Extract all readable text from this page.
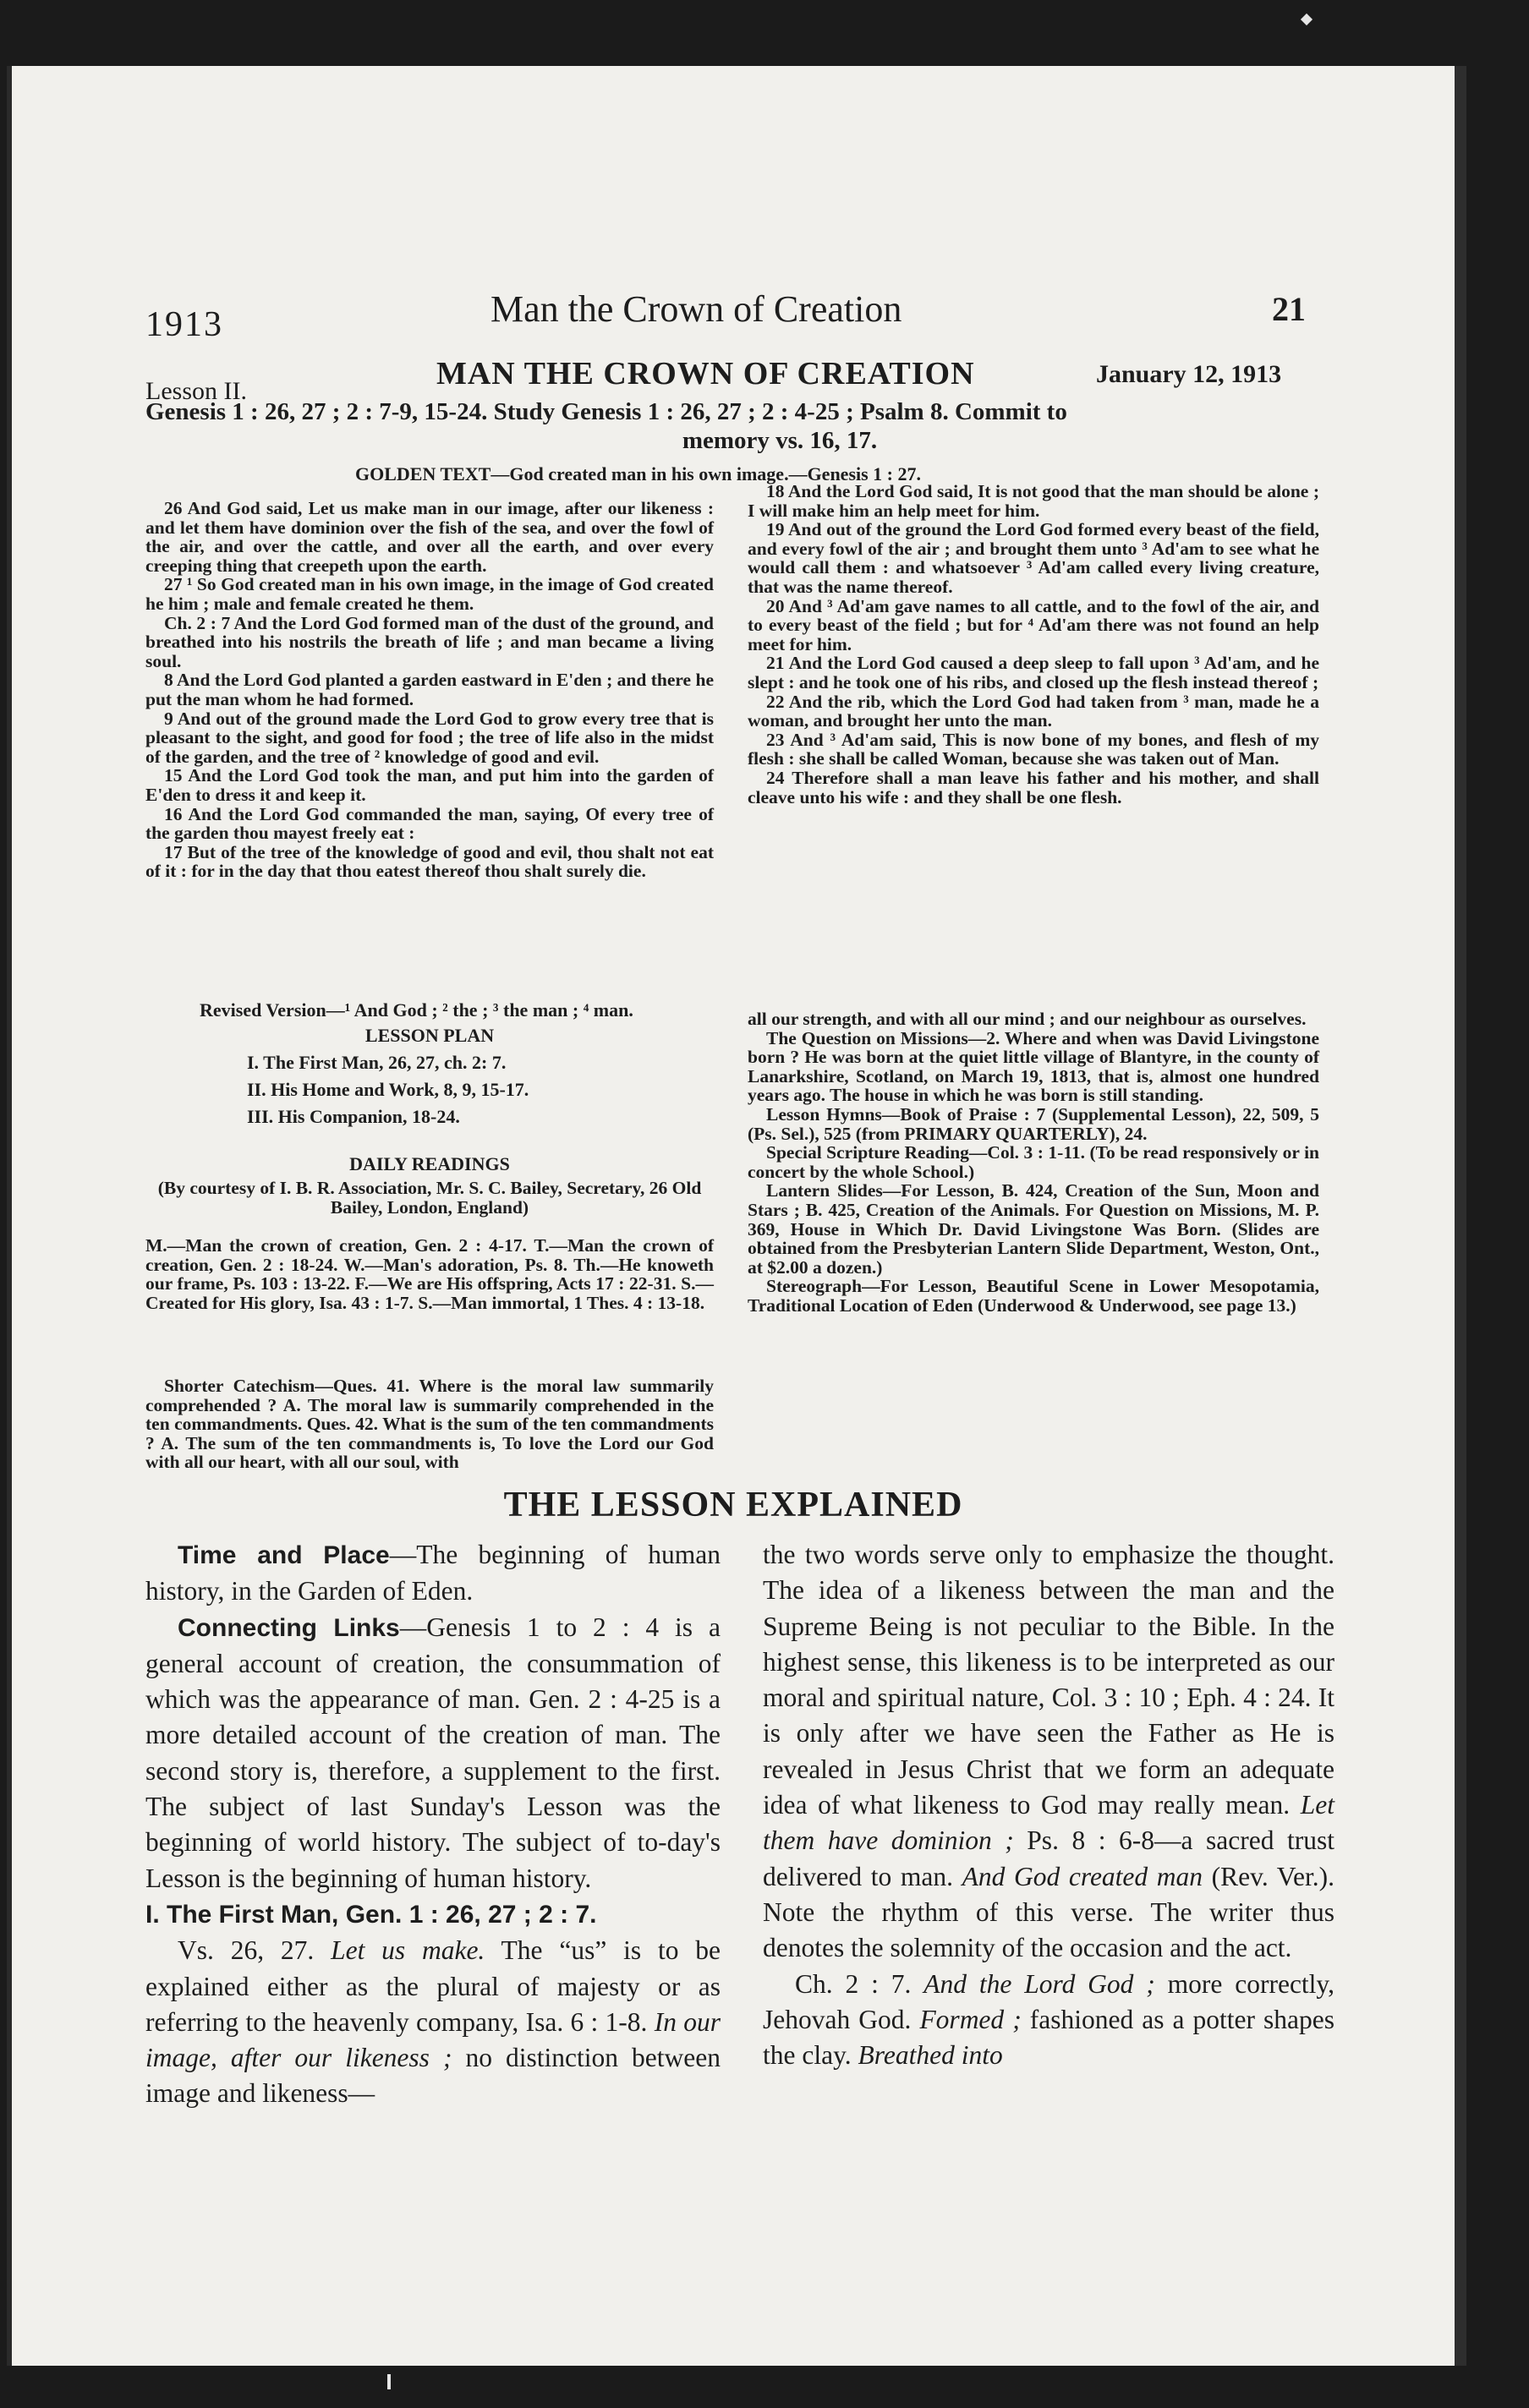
1913	Man the Crown of Creation	21
Lesson II.	MAN THE CROWN OF CREATION	January 12, 1913
Genesis 1 : 26, 27 ; 2 : 7-9, 15-24. Study Genesis 1 : 26, 27 ; 2 : 4-25 ; Psalm 8. Commit to
memory vs. 16, 17.
GOLDEN TEXT—God created man in his own image.—Genesis 1 : 27.

26 And God said, Let us make man in our image, after our likeness : and let them have dominion over the fish of the sea, and over the fowl of the air, and over the cattle, and over all the earth, and over every creeping thing that creepeth upon the earth.

27 ¹ So God created man in his own image, in the image of God created he him ; male and female created he them.

Ch. 2 : 7 And the Lord God formed man of the dust of the ground, and breathed into his nostrils the breath of life ; and man became a living soul.

8 And the Lord God planted a garden eastward in E'den ; and there he put the man whom he had formed.

9 And out of the ground made the Lord God to grow every tree that is pleasant to the sight, and good for food ; the tree of life also in the midst of the garden, and the tree of ² knowledge of good and evil.

15 And the Lord God took the man, and put him into the garden of E'den to dress it and keep it.

16 And the Lord God commanded the man, saying, Of every tree of the garden thou mayest freely eat :

17 But of the tree of the knowledge of good and evil, thou shalt not eat of it : for in the day that thou eatest thereof thou shalt surely die.

18 And the Lord God said, It is not good that the man should be alone ; I will make him an help meet for him.

19 And out of the ground the Lord God formed every beast of the field, and every fowl of the air ; and brought them unto ³ Ad'am to see what he would call them : and whatsoever ³ Ad'am called every living creature, that was the name thereof.

20 And ³ Ad'am gave names to all cattle, and to the fowl of the air, and to every beast of the field ; but for ⁴ Ad'am there was not found an help meet for him.

21 And the Lord God caused a deep sleep to fall upon ³ Ad'am, and he slept : and he took one of his ribs, and closed up the flesh instead thereof ;

22 And the rib, which the Lord God had taken from ³ man, made he a woman, and brought her unto the man.

23 And ³ Ad'am said, This is now bone of my bones, and flesh of my flesh : she shall be called Woman, because she was taken out of Man.

24 Therefore shall a man leave his father and his mother, and shall cleave unto his wife : and they shall be one flesh.

Revised Version—¹ And God ; ² the ; ³ the man ; ⁴ man.
LESSON PLAN
I. The First Man, 26, 27, ch. 2: 7.
II. His Home and Work, 8, 9, 15-17.
III. His Companion, 18-24.
DAILY READINGS
(By courtesy of I. B. R. Association, Mr. S. C. Bailey, Secretary, 26 Old Bailey, London, England)

M.—Man the crown of creation, Gen. 2 : 4-17. T.—Man the crown of creation, Gen. 2 : 18-24. W.—Man's adoration, Ps. 8. Th.—He knoweth our frame, Ps. 103 : 13-22. F.—We are His offspring, Acts 17 : 22-31. S.—Created for His glory, Isa. 43 : 1-7. S.—Man immortal, 1 Thes. 4 : 13-18.

Shorter Catechism—Ques. 41. Where is the moral law summarily comprehended ? A. The moral law is summarily comprehended in the ten commandments. Ques. 42. What is the sum of the ten commandments ? A. The sum of the ten commandments is, To love the Lord our God with all our heart, with all our soul, with

all our strength, and with all our mind ; and our neighbour as ourselves.

The Question on Missions—2. Where and when was David Livingstone born ? He was born at the quiet little village of Blantyre, in the county of Lanarkshire, Scotland, on March 19, 1813, that is, almost one hundred years ago. The house in which he was born is still standing.

Lesson Hymns—Book of Praise : 7 (Supplemental Lesson), 22, 509, 5 (Ps. Sel.), 525 (from PRIMARY QUARTERLY), 24.

Special Scripture Reading—Col. 3 : 1-11. (To be read responsively or in concert by the whole School.)

Lantern Slides—For Lesson, B. 424, Creation of the Sun, Moon and Stars ; B. 425, Creation of the Animals. For Question on Missions, M. P. 369, House in Which Dr. David Livingstone Was Born. (Slides are obtained from the Presbyterian Lantern Slide Department, Weston, Ont., at $2.00 a dozen.)

Stereograph—For Lesson, Beautiful Scene in Lower Mesopotamia, Traditional Location of Eden (Underwood & Underwood, see page 13.)

THE LESSON EXPLAINED

Time and Place—The beginning of human history, in the Garden of Eden.

Connecting Links—Genesis 1 to 2 : 4 is a general account of creation, the consummation of which was the appearance of man. Gen. 2 : 4-25 is a more detailed account of the creation of man. The second story is, therefore, a supplement to the first. The subject of last Sunday's Lesson was the beginning of world history. The subject of to-day's Lesson is the beginning of human history.

I. The First Man, Gen. 1 : 26, 27 ; 2 : 7.

Vs. 26, 27. Let us make. The “us” is to be explained either as the plural of majesty or as referring to the heavenly company, Isa. 6 : 1-8. In our image, after our likeness ; no distinction between image and likeness—

the two words serve only to emphasize the thought. The idea of a likeness between the man and the Supreme Being is not peculiar to the Bible. In the highest sense, this likeness is to be interpreted as our moral and spiritual nature, Col. 3 : 10 ; Eph. 4 : 24. It is only after we have seen the Father as He is revealed in Jesus Christ that we form an adequate idea of what likeness to God may really mean. Let them have dominion ; Ps. 8 : 6-8—a sacred trust delivered to man. And God created man (Rev. Ver.). Note the rhythm of this verse. The writer thus denotes the solemnity of the occasion and the act.

Ch. 2 : 7. And the Lord God ; more correctly, Jehovah God. Formed ; fashioned as a potter shapes the clay. Breathed into
